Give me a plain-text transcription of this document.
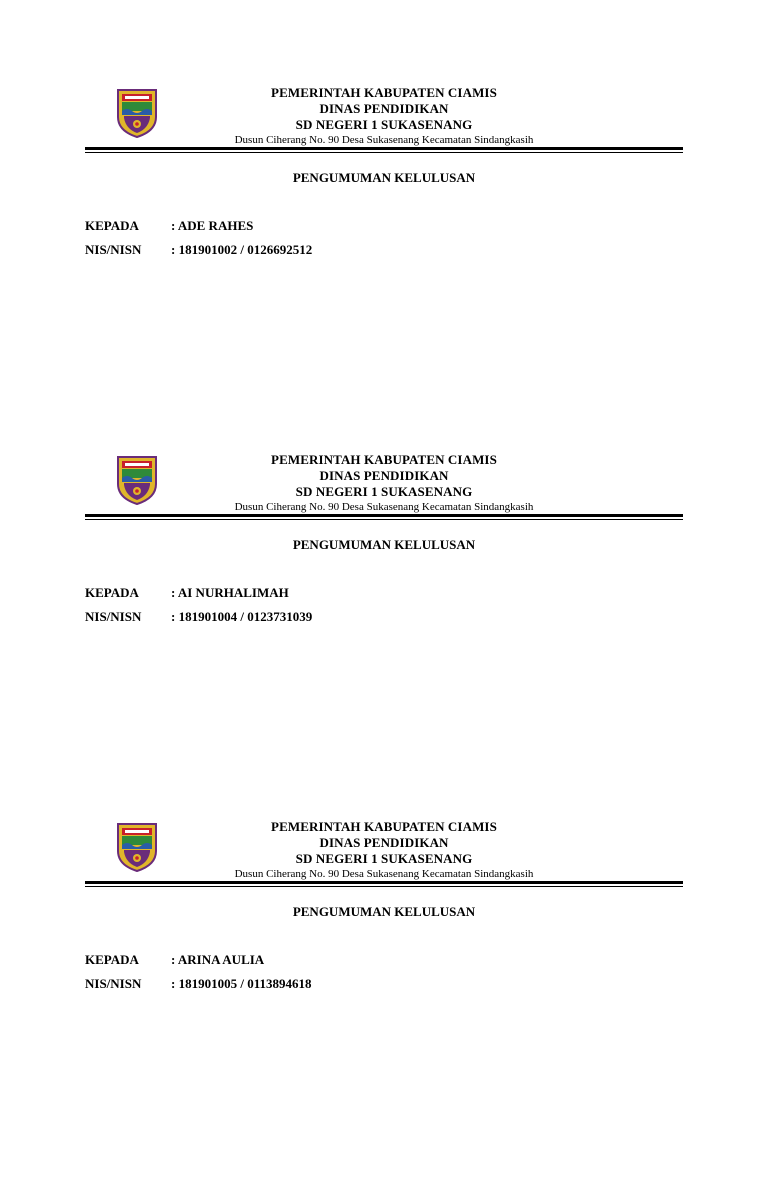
PEMERINTAH KABUPATEN CIAMIS
DINAS PENDIDIKAN
SD NEGERI 1 SUKASENANG
Dusun Ciherang No. 90 Desa Sukasenang Kecamatan Sindangkasih
PENGUMUMAN KELULUSAN
KEPADA : ADE RAHES
NIS/NISN : 181901002 / 0126692512
PEMERINTAH KABUPATEN CIAMIS
DINAS PENDIDIKAN
SD NEGERI 1 SUKASENANG
Dusun Ciherang No. 90 Desa Sukasenang Kecamatan Sindangkasih
PENGUMUMAN KELULUSAN
KEPADA : AI NURHALIMAH
NIS/NISN : 181901004 / 0123731039
PEMERINTAH KABUPATEN CIAMIS
DINAS PENDIDIKAN
SD NEGERI 1 SUKASENANG
Dusun Ciherang No. 90 Desa Sukasenang Kecamatan Sindangkasih
PENGUMUMAN KELULUSAN
KEPADA : ARINA AULIA
NIS/NISN : 181901005 / 0113894618
